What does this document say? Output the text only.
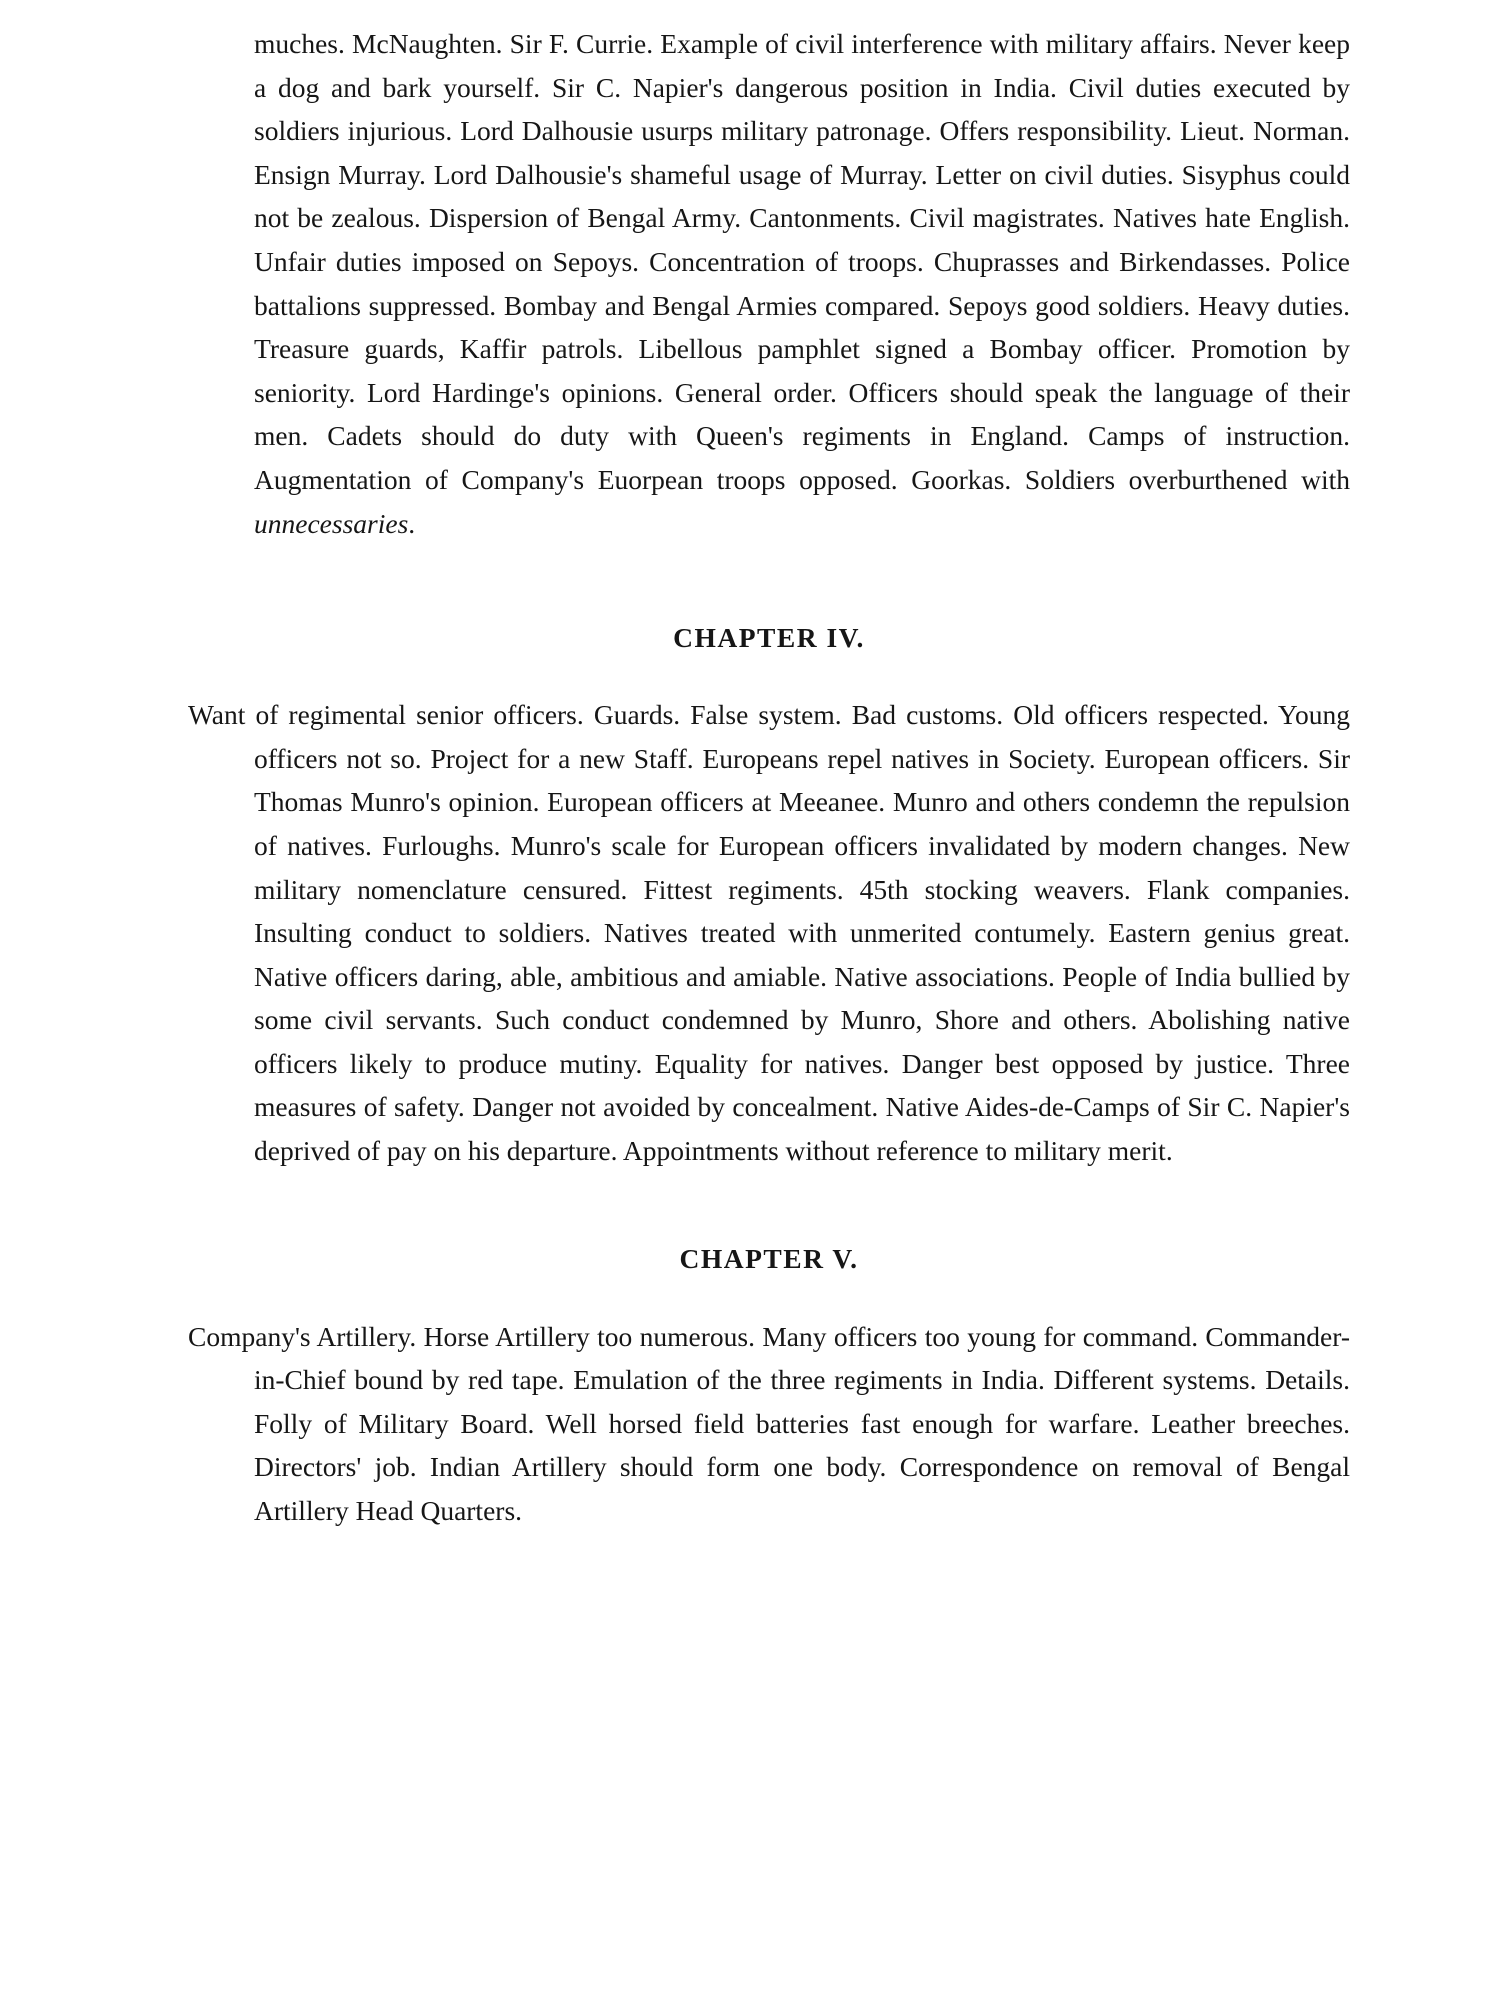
muches. McNaughten. Sir F. Currie. Example of civil interference with military affairs. Never keep a dog and bark yourself. Sir C. Napier's dangerous position in India. Civil duties executed by soldiers injurious. Lord Dalhousie usurps military patronage. Offers responsibility. Lieut. Norman. Ensign Murray. Lord Dalhousie's shameful usage of Murray. Letter on civil duties. Sisyphus could not be zealous. Dispersion of Bengal Army. Cantonments. Civil magistrates. Natives hate English. Unfair duties imposed on Sepoys. Concentration of troops. Chuprasses and Birkendasses. Police battalions suppressed. Bombay and Bengal Armies compared. Sepoys good soldiers. Heavy duties. Treasure guards, Kaffir patrols. Libellous pamphlet signed a Bombay officer. Promotion by seniority. Lord Hardinge's opinions. General order. Officers should speak the language of their men. Cadets should do duty with Queen's regiments in England. Camps of instruction. Augmentation of Company's Euorpean troops opposed. Goorkas. Soldiers overburthened with unnecessaries.

CHAPTER IV.

Want of regimental senior officers. Guards. False system. Bad customs. Old officers respected. Young officers not so. Project for a new Staff. Europeans repel natives in Society. European officers. Sir Thomas Munro's opinion. European officers at Meeanee. Munro and others condemn the repulsion of natives. Furloughs. Munro's scale for European officers invalidated by modern changes. New military nomenclature censured. Fittest regiments. 45th stocking weavers. Flank companies. Insulting conduct to soldiers. Natives treated with unmerited contumely. Eastern genius great. Native officers daring, able, ambitious and amiable. Native associations. People of India bullied by some civil servants. Such conduct condemned by Munro, Shore and others. Abolishing native officers likely to produce mutiny. Equality for natives. Danger best opposed by justice. Three measures of safety. Danger not avoided by concealment. Native Aides-de-Camps of Sir C. Napier's deprived of pay on his departure. Appointments without reference to military merit.

CHAPTER V.

Company's Artillery. Horse Artillery too numerous. Many officers too young for command. Commander-in-Chief bound by red tape. Emulation of the three regiments in India. Different systems. Details. Folly of Military Board. Well horsed field batteries fast enough for warfare. Leather breeches. Directors' job. Indian Artillery should form one body. Correspondence on removal of Bengal Artillery Head Quarters.
